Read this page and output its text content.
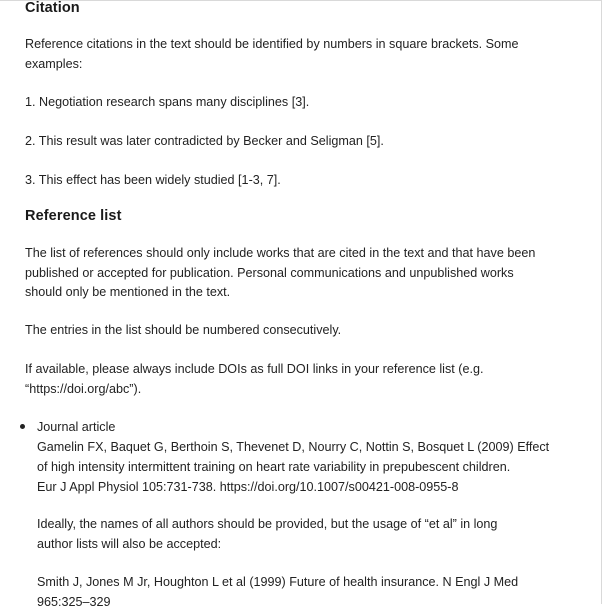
Citation

Reference citations in the text should be identified by numbers in square brackets. Some

examples:

1. Negotiation research spans many disciplines [3].

2. This result was later contradicted by Becker and Seligman [5].

3. This effect has been widely studied [1-3, 7].

Reference list

The list of references should only include works that are cited in the text and that have been

published or accepted for publication. Personal communications and unpublished works

should only be mentioned in the text.

The entries in the list should be numbered consecutively.

If available, please always include DOIs as full DOI links in your reference list (e.g.

“https://doi.org/abc”).

Journal article

Gamelin FX, Baquet G, Berthoin S, Thevenet D, Nourry C, Nottin S, Bosquet L (2009) Effect

of high intensity intermittent training on heart rate variability in prepubescent children.

Eur J Appl Physiol 105:731-738. https://doi.org/10.1007/s00421-008-0955-8

Ideally, the names of all authors should be provided, but the usage of “et al” in long

author lists will also be accepted:

Smith J, Jones M Jr, Houghton L et al (1999) Future of health insurance. N Engl J Med

965:325–329
